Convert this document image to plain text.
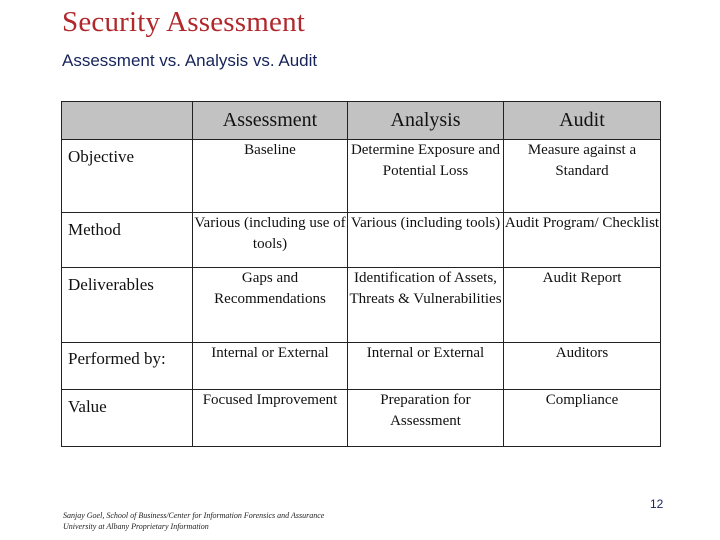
Security Assessment
Assessment vs. Analysis vs. Audit
	Assessment	Analysis	Audit
Objective	Baseline	Determine Exposure and Potential Loss	Measure against a Standard
Method	Various (including use of tools)	Various (including tools)	Audit Program/ Checklist
Deliverables	Gaps and Recommendations	Identification of Assets, Threats & Vulnerabilities	Audit Report
Performed by:	Internal or External	Internal or External	Auditors
Value	Focused Improvement	Preparation for Assessment	Compliance
Sanjay Goel, School of Business/Center for Information Forensics and Assurance
University at Albany Proprietary Information
12
